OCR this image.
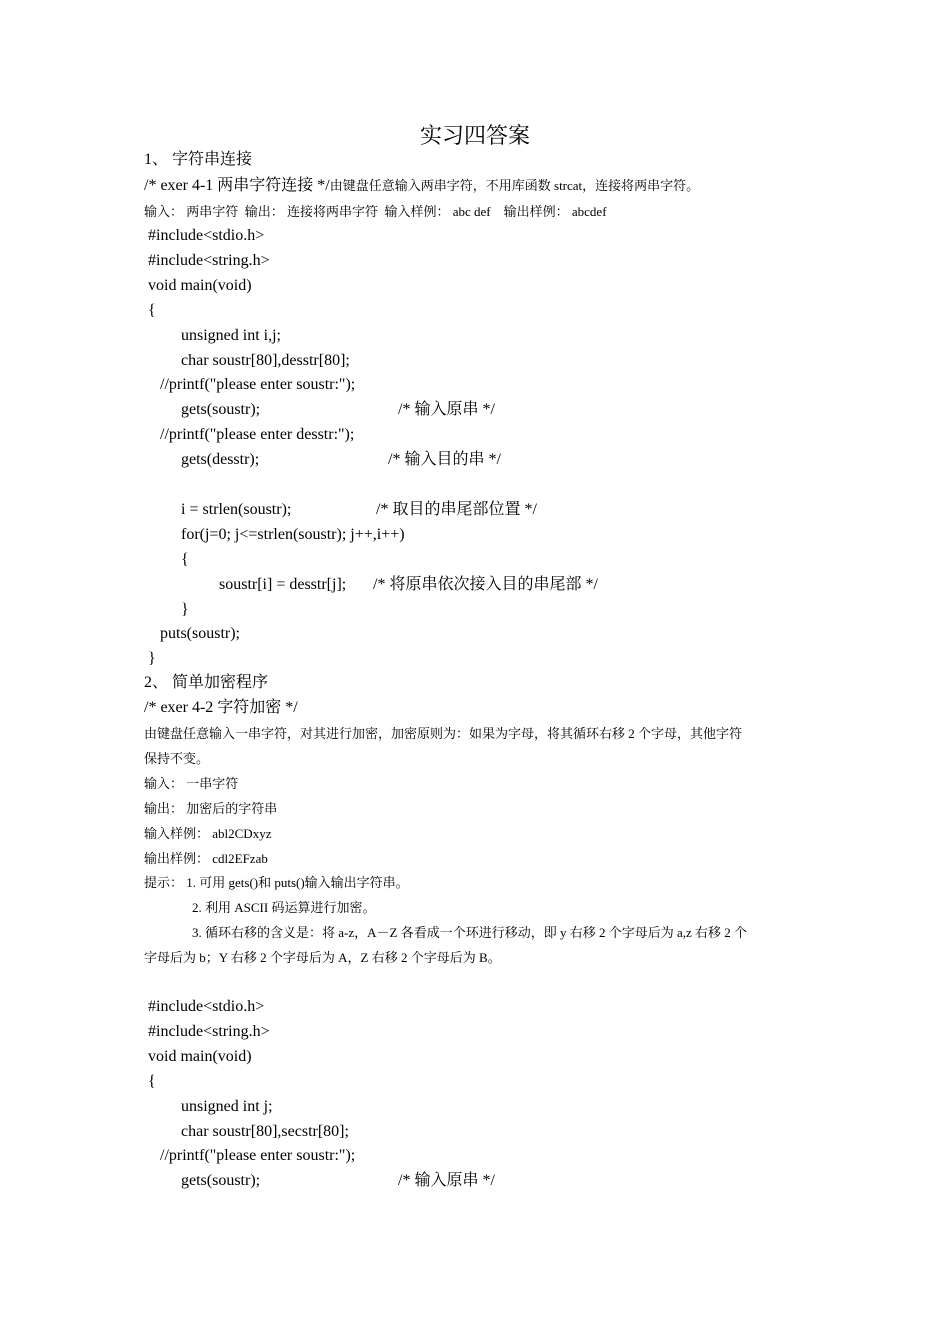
实习四答案
1、 字符串连接
/* exer 4-1 两串字符连接 */由键盘任意输入两串字符，不用库函数 strcat，连接将两串字符。
输入： 两串字符  输出： 连接将两串字符  输入样例： abc def    输出样例： abcdef
#include<stdio.h>
#include<string.h>
void main(void)
{
unsigned int i,j;
char soustr[80],desstr[80];
//printf("please enter soustr:");
gets(soustr);	/* 输入原串 */
//printf("please enter desstr:");
gets(desstr);	/* 输入目的串 */
i = strlen(soustr);	/* 取目的串尾部位置 */
for(j=0; j<=strlen(soustr); j++,i++)
{
soustr[i] = desstr[j]; /* 将原串依次接入目的串尾部 */
}
puts(soustr);
}
2、 简单加密程序
/* exer 4-2 字符加密 */
由键盘任意输入一串字符，对其进行加密，加密原则为：如果为字母，将其循环右移 2 个字母，其他字符
保持不变。
输入： 一串字符
输出： 加密后的字符串
输入样例： abl2CDxyz
输出样例： cdl2EFzab
提示： 1. 可用 gets()和 puts()输入输出字符串。
2. 利用 ASCII 码运算进行加密。
3. 循环右移的含义是：将 a-z，A－Z 各看成一个环进行移动，即 y 右移 2 个字母后为 a,z 右移 2 个
字母后为 b；Y 右移 2 个字母后为 A，Z 右移 2 个字母后为 B。
#include<stdio.h>
#include<string.h>
void main(void)
{
unsigned int j;
char soustr[80],secstr[80];
//printf("please enter soustr:");
gets(soustr);	/* 输入原串 */
